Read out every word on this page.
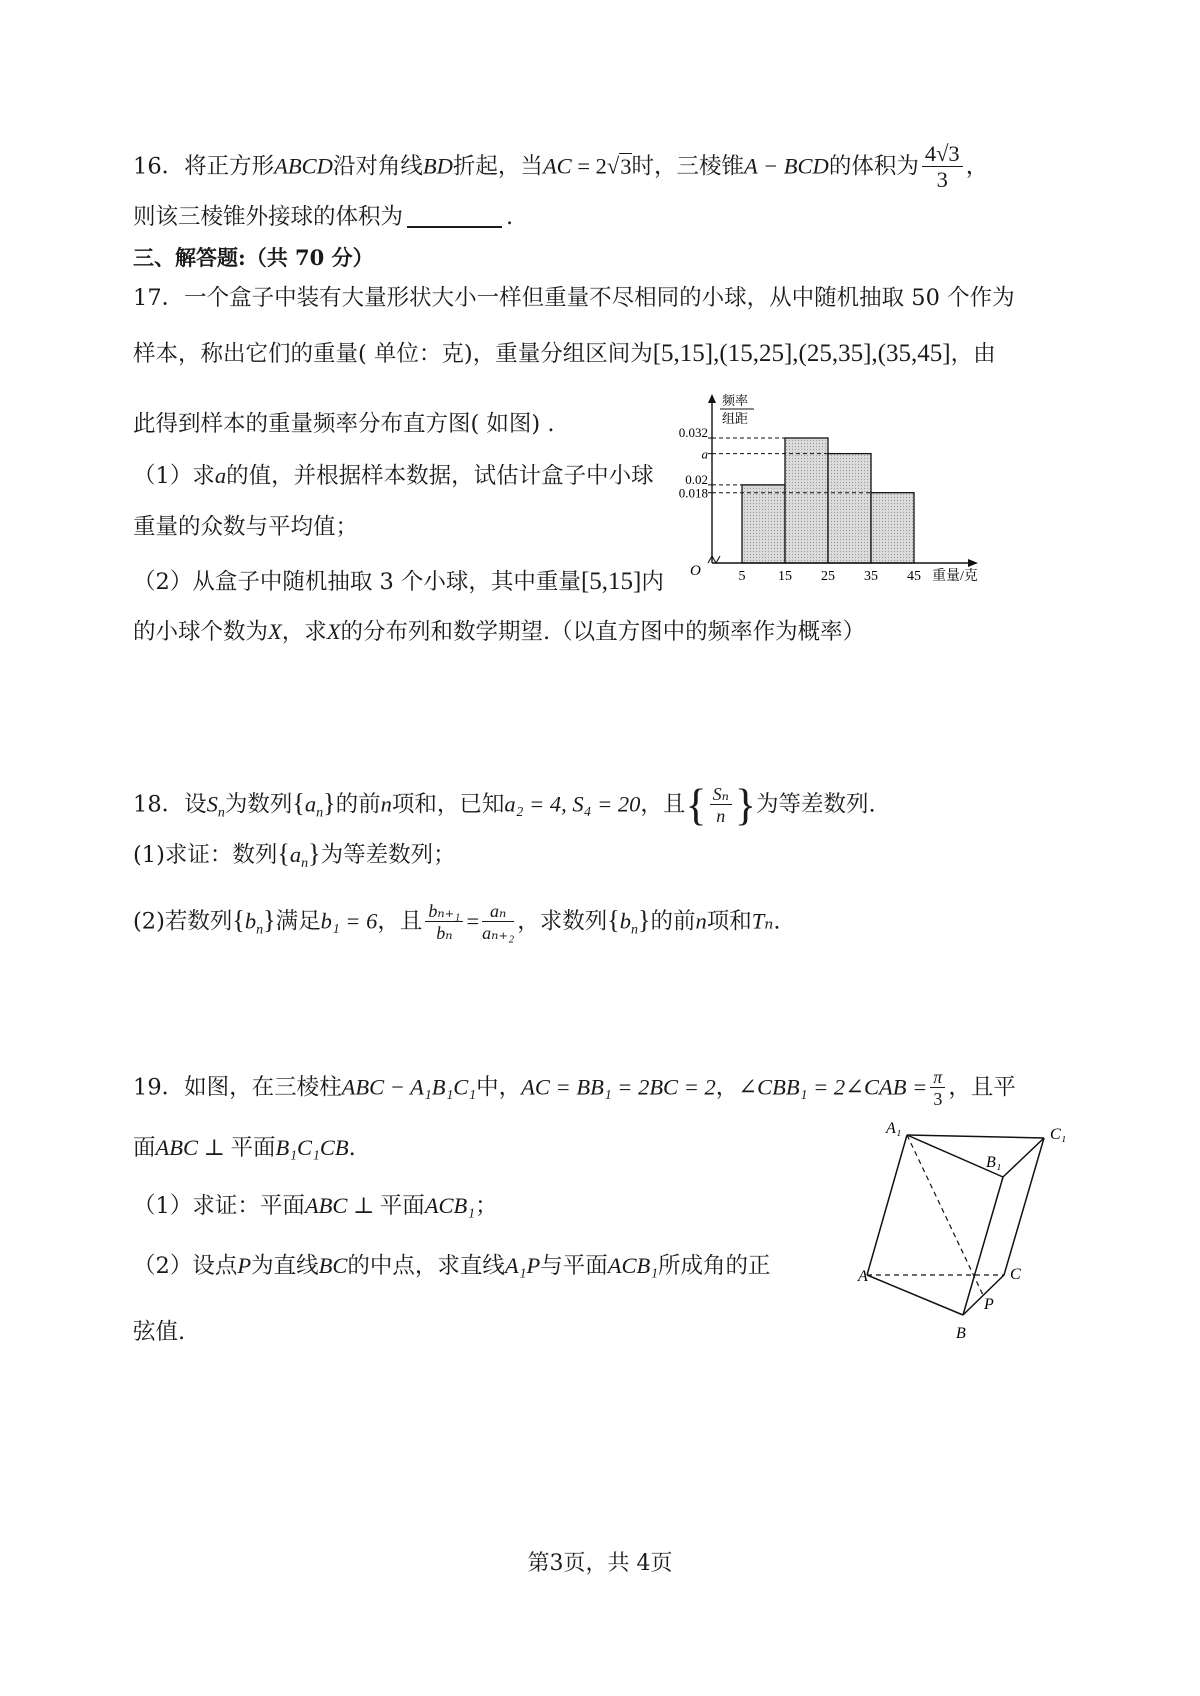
16．将正方形ABCD沿对角线BD折起，当AC = 2√3时，三棱锥A − BCD的体积为 $\frac{4√3}{3}$ ，
则该三棱锥外接球的体积为	.
三、解答题:（共 70 分）
17．一个盒子中装有大量形状大小一样但重量不尽相同的小球，从中随机抽取 50 个作为
样本，称出它们的重量( 单位：克)，重量分组区间为[5,15],(15,25],(25,35],(35,45]，由
此得到样本的重量频率分布直方图( 如图) .
（1）求a的值，并根据样本数据，试估计盒子中小球
重量的众数与平均值；
（2）从盒子中随机抽取 3 个小球，其中重量[5,15]内
的小球个数为X，求X的分布列和数学期望.（以直方图中的频率作为概率）
O
频率
组距
重量/克
5 15 25 35 45
0.032
a
0.02
0.018
18．设$S_n$为数列$\{a_n\}$的前n项和，已知a₂ = 4, S₄ = 20，且{ $\frac{\text{Sₙ}}{n}$ }为等差数列.
(1)求证：数列$\{a_n\}$为等差数列；
(2)若数列$\{b_n\}$满足b₁ = 6，且 $\frac{\text{bₙ₊₁}}{\text{bₙ}} = \frac{\text{aₙ}}{\text{aₙ₊₂}}$ ，求数列$\{b_n\}$的前n项和Tₙ.
19．如图，在三棱柱ABC − A₁B₁C₁中，AC = BB₁ = 2BC = 2，∠CBB₁ = 2∠CAB = $\frac{\pi}{3}$ ，且平
面ABC ⊥ 平面B₁C₁CB.
（1）求证：平面ABC ⊥ 平面ACB₁；
（2）设点P为直线BC的中点，求直线A₁P与平面ACB₁所成角的正
弦值.
A₁	C₁
B₁
A	C
P
B
第3页，共 4页
